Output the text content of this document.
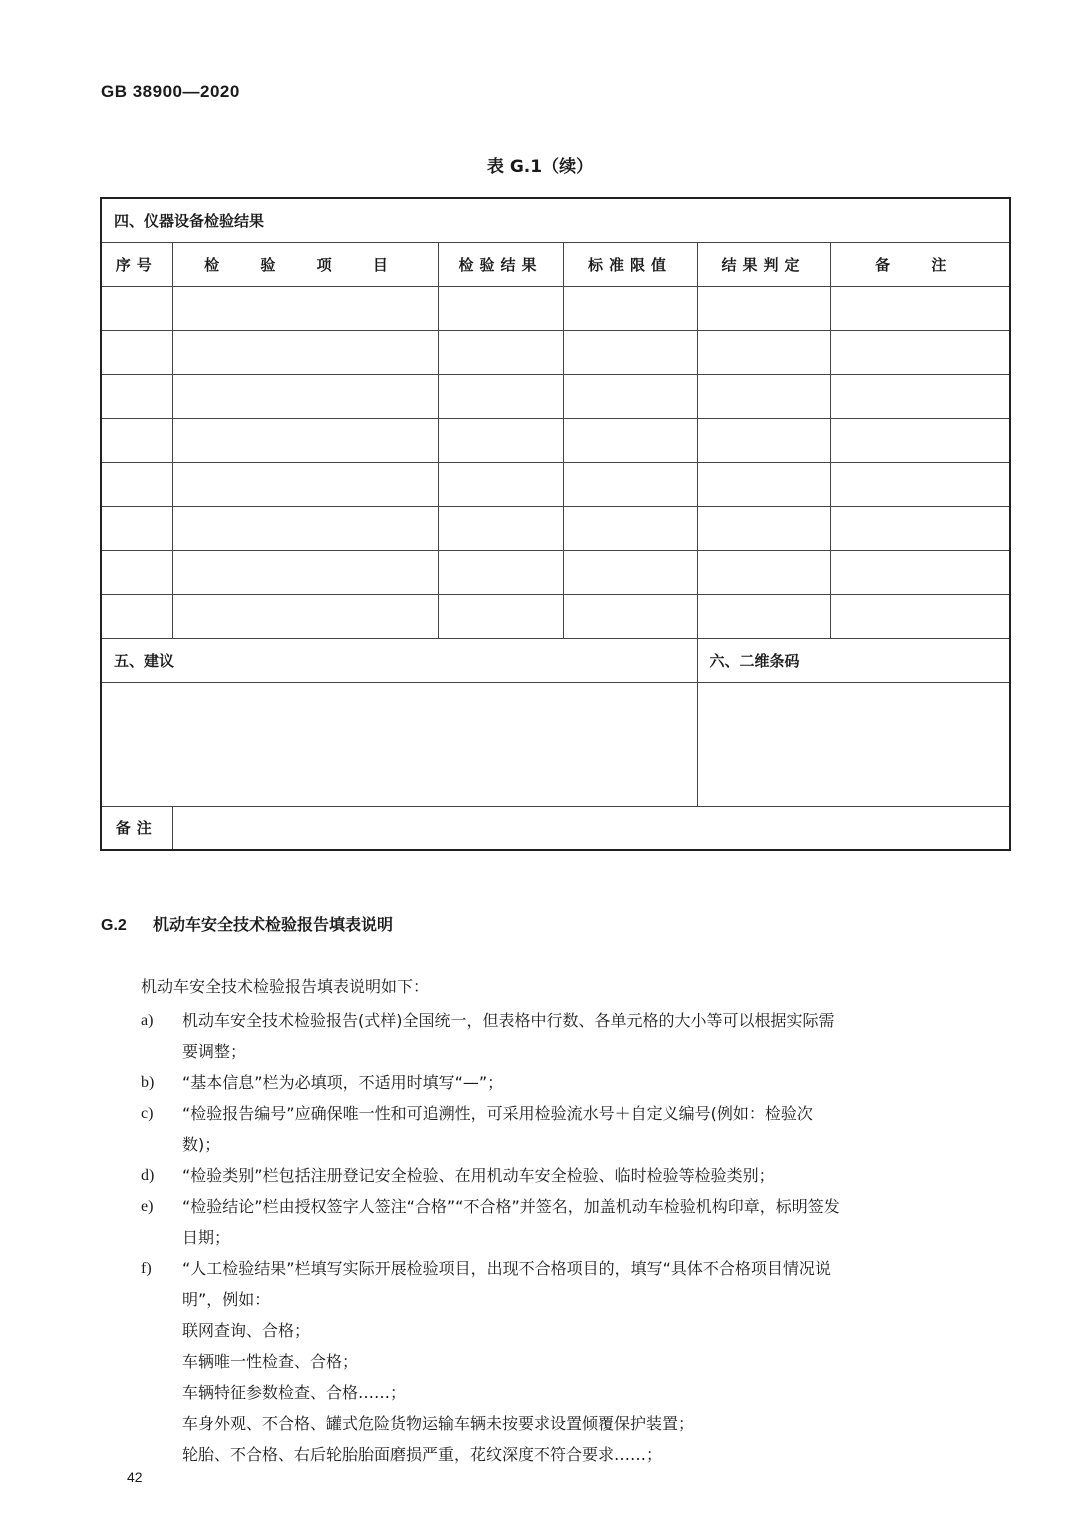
GB 38900—2020
表 G.1（续）
四、仪器设备检验结果					
序号	检 验 项 目	检验结果	标准限值	结果判定	备 注

五、建议				六、二维条码	

备注					
G.2 机动车安全技术检验报告填表说明
机动车安全技术检验报告填表说明如下：
a) 机动车安全技术检验报告(式样)全国统一，但表格中行数、各单元格的大小等可以根据实际需
要调整；
b) “基本信息”栏为必填项，不适用时填写“—”；
c) “检验报告编号”应确保唯一性和可追溯性，可采用检验流水号＋自定义编号(例如：检验次
数)；
d) “检验类别”栏包括注册登记安全检验、在用机动车安全检验、临时检验等检验类别；
e) “检验结论”栏由授权签字人签注“合格”“不合格”并签名，加盖机动车检验机构印章，标明签发
日期；
f) “人工检验结果”栏填写实际开展检验项目，出现不合格项目的，填写“具体不合格项目情况说
明”，例如：
联网查询、合格；
车辆唯一性检查、合格；
车辆特征参数检查、合格……；
车身外观、不合格、罐式危险货物运输车辆未按要求设置倾覆保护装置；
轮胎、不合格、右后轮胎胎面磨损严重，花纹深度不符合要求……；
42
